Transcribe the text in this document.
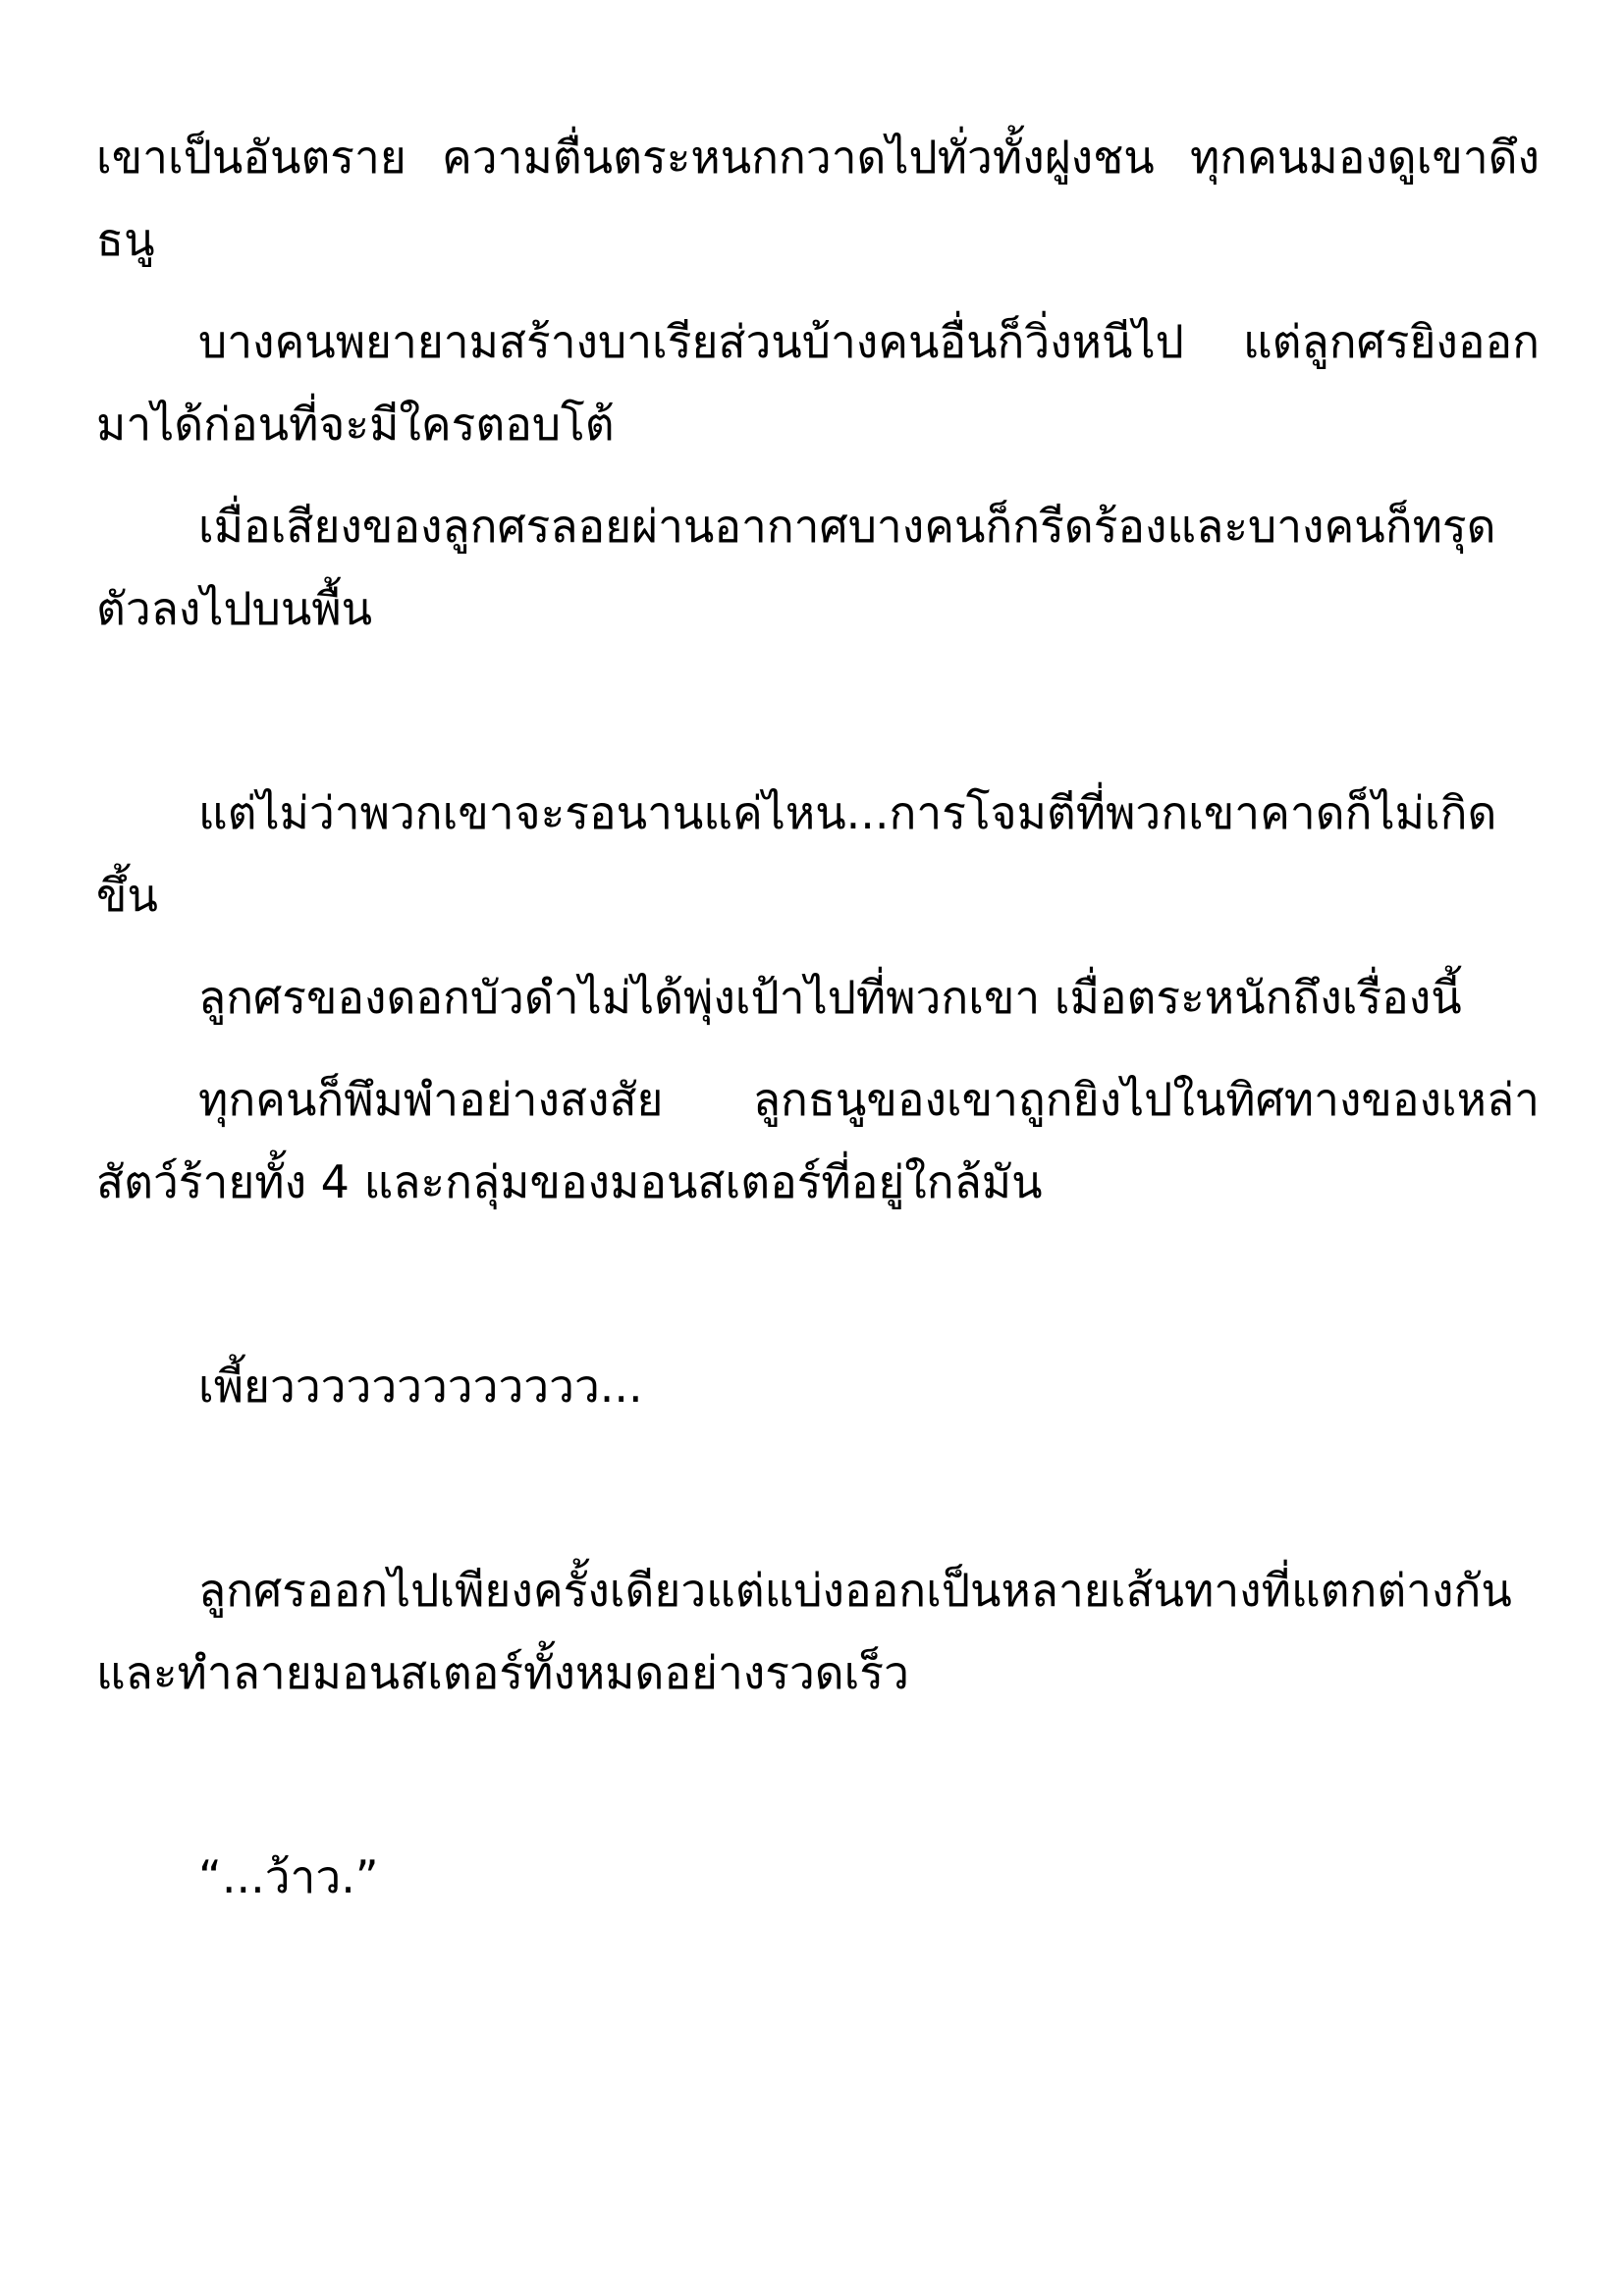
เขาเป็นอันตราย ความตื่นตระหนกกวาดไปทั่วทั้งฝูงชน ทุกคนมองดูเขาดึงธนู

บางคนพยายามสร้างบาเรียส่วนบ้างคนอื่นก็วิ่งหนีไป แต่ลูกศรยิงออกมาได้ก่อนที่จะมีใครตอบโต้

เมื่อเสียงของลูกศรลอยผ่านอากาศบางคนก็กรีดร้องและบางคนก็ทรุดตัวลงไปบนพื้น

แต่ไม่ว่าพวกเขาจะรอนานแค่ไหน...การโจมตีที่พวกเขาคาดก็ไม่เกิดขึ้น

ลูกศรของดอกบัวดำไม่ได้พุ่งเป้าไปที่พวกเขา เมื่อตระหนักถึงเรื่องนี้

ทุกคนก็พึมพำอย่างสงสัย ลูกธนูของเขาถูกยิงไปในทิศทางของเหล่าสัตว์ร้ายทั้ง 4 และกลุ่มของมอนสเตอร์ที่อยู่ใกล้มัน

เพี้ยววววววววววววว...

ลูกศรออกไปเพียงครั้งเดียวแต่แบ่งออกเป็นหลายเส้นทางที่แตกต่างกันและทำลายมอนสเตอร์ทั้งหมดอย่างรวดเร็ว

“...ว้าว.”
